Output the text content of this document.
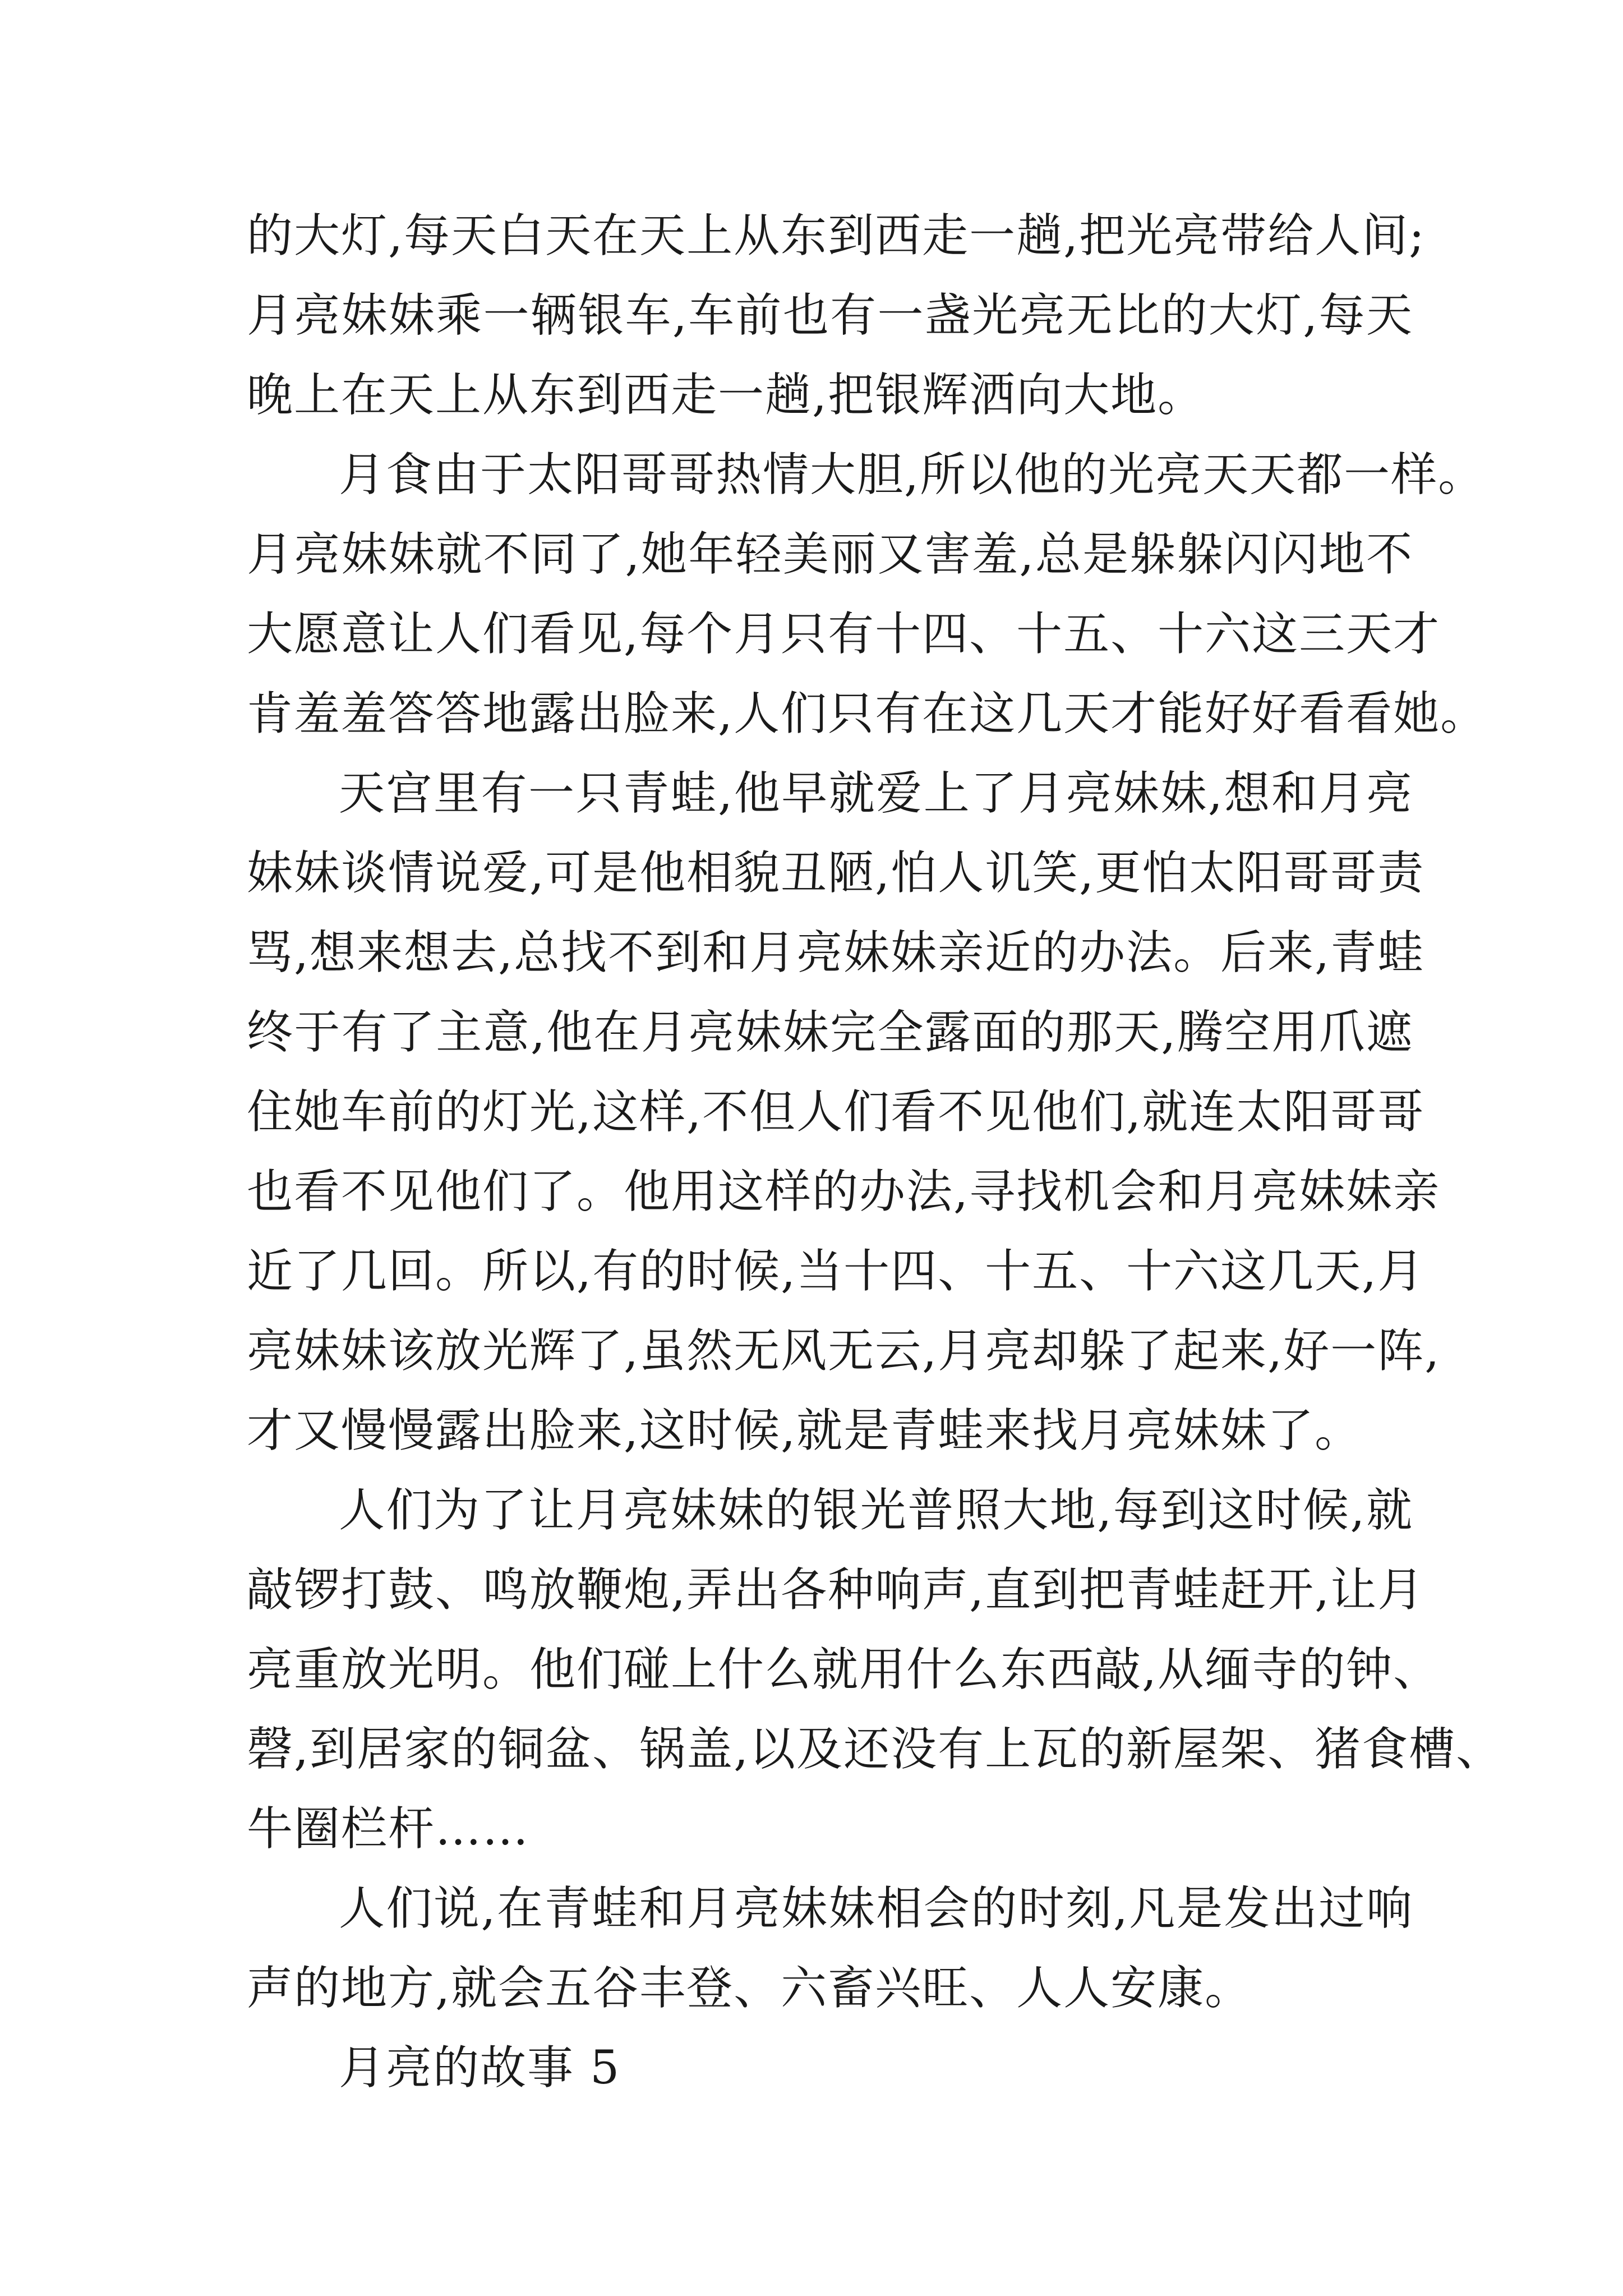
的大灯,每天白天在天上从东到西走一趟,把光亮带给人间;
月亮妹妹乘一辆银车,车前也有一盏光亮无比的大灯,每天
晚上在天上从东到西走一趟,把银辉洒向大地。
月食由于太阳哥哥热情大胆,所以他的光亮天天都一样。
月亮妹妹就不同了,她年轻美丽又害羞,总是躲躲闪闪地不
大愿意让人们看见,每个月只有十四、十五、十六这三天才
肯羞羞答答地露出脸来,人们只有在这几天才能好好看看她。
天宫里有一只青蛙,他早就爱上了月亮妹妹,想和月亮
妹妹谈情说爱,可是他相貌丑陋,怕人讥笑,更怕太阳哥哥责
骂,想来想去,总找不到和月亮妹妹亲近的办法。后来,青蛙
终于有了主意,他在月亮妹妹完全露面的那天,腾空用爪遮
住她车前的灯光,这样,不但人们看不见他们,就连太阳哥哥
也看不见他们了。他用这样的办法,寻找机会和月亮妹妹亲
近了几回。所以,有的时候,当十四、十五、十六这几天,月
亮妹妹该放光辉了,虽然无风无云,月亮却躲了起来,好一阵,
才又慢慢露出脸来,这时候,就是青蛙来找月亮妹妹了。
人们为了让月亮妹妹的银光普照大地,每到这时候,就
敲锣打鼓、鸣放鞭炮,弄出各种响声,直到把青蛙赶开,让月
亮重放光明。他们碰上什么就用什么东西敲,从缅寺的钟、
磬,到居家的铜盆、锅盖,以及还没有上瓦的新屋架、猪食槽、
牛圈栏杆……
人们说,在青蛙和月亮妹妹相会的时刻,凡是发出过响
声的地方,就会五谷丰登、六畜兴旺、人人安康。
月亮的故事 5
